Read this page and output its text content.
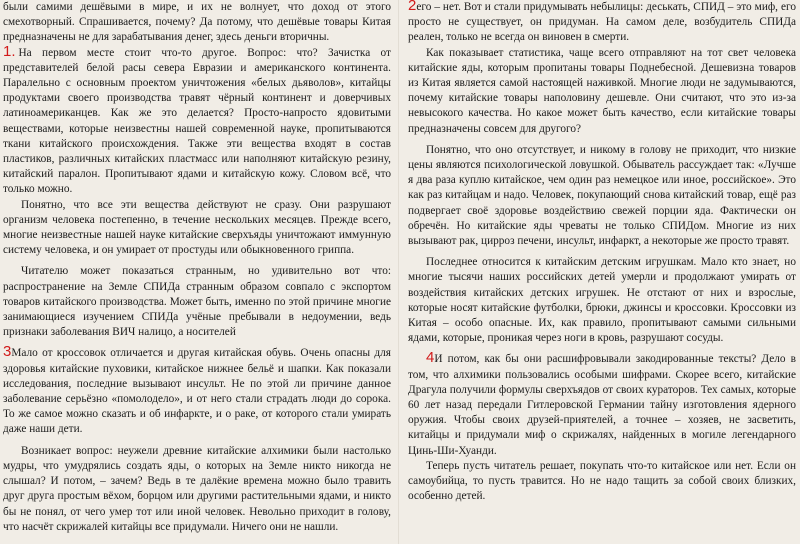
были самими дешёвыми в мире, и их не волнует, что доход от этого смехотворный. Спрашивается, почему? Да потому, что дешёвые товары Китая предназначены не для зарабатывания денег, здесь деньги вторичны.

1. На первом месте стоит что-то другое. Вопрос: что? Зачистка от представителей белой расы севера Евразии и американского континента. Паралельно с основным проектом уничтожения «белых дьяволов», китайцы продуктами своего производства травят чёрный континент и доверчивых латиноамериканцев. Как же это делается? Просто-напросто ядовитыми веществами, которые неизвестны нашей современной науке, пропитываются ткани китайского происхождения. Также эти вещества входят в состав пластиков, различных китайских пластмасс или наполняют китайскую резину, китайский паралон. Пропитывают ядами и китайскую кожу. Словом всё, что только можно.

Понятно, что все эти вещества действуют не сразу. Они разрушают организм человека постепенно, в течение нескольких месяцев. Прежде всего, многие неизвестные нашей науке китайские сверхъяды уничтожают иммунную систему человека, и он умирает от простуды или обыкновенного гриппа.

Читателю может показаться странным, но удивительно вот что: распространение на Земле СПИДа странным образом совпало с экспортом товаров китайского производства. Может быть, именно по этой причине многие занимающиеся изучением СПИДа учёные пребывали в недоумении, ведь признаки заболевания ВИЧ налицо, а носителей

3Мало от кроссовок отличается и другая китайская обувь. Очень опасны для здоровья китайские пуховики, китайское нижнее бельё и шапки. Как показали исследования, последние вызывают инсульт. Не по этой ли причине данное заболевание серьёзно «помолодело», и от него стали страдать люди до сорока. То же самое можно сказать и об инфаркте, и о раке, от которого стали умирать даже наши дети.

Возникает вопрос: неужели древние китайские алхимики были настолько мудры, что умудрялись создать яды, о которых на Земле никто никогда не слышал? И потом, – зачем? Ведь в те далёкие времена можно было травить друг друга простым вёхом, борцом или другими растительными ядами, и никто бы не понял, от чего умер тот или иной человек. Невольно приходит в голову, что насчёт скрижалей китайцы все придумали. Ничего они не нашли.

2его – нет. Вот и стали придумывать небылицы: деськать, СПИД – это миф, его просто не существует, он придуман. На самом деле, возбудитель СПИДа реален, только не всегда он виновен в смерти.

Как показывает статистика, чаще всего отправляют на тот свет человека китайские яды, которым пропитаны товары Поднебесной. Дешевизна товаров из Китая является самой настоящей наживкой. Многие люди не задумываются, почему китайские товары наполовину дешевле. Они считают, что это из-за невысокого качества. Но какое может быть качество, если китайские товары предназначены совсем для другого?

Понятно, что оно отсутствует, и никому в голову не приходит, что низкие цены являются психологической ловушкой. Обыватель рассуждает так: «Лучше я два раза куплю китайское, чем один раз немецкое или иное, российское». Это как раз китайцам и надо. Человек, покупающий снова китайский товар, ещё раз подвергает своё здоровье воздействию свежей порции яда. Фактически он обречён. Но китайские яды чреваты не только СПИДом. Многие из них вызывают рак, цирроз печени, инсульт, инфаркт, а некоторые же просто травят.

Последнее относится к китайским детским игрушкам. Мало кто знает, но многие тысячи наших российских детей умерли и продолжают умирать от воздействия китайских детских игрушек. Не отстают от них и взрослые, которые носят китайские футболки, брюки, джинсы и кроссовки. Кроссовки из Китая – особо опасные. Их, как правило, пропитывают самыми сильными ядами, которые, проникая через ноги в кровь, разрушают сосуды.

4И потом, как бы они расшифровывали закодированные тексты? Дело в том, что алхимики пользовались особыми шифрами. Скорее всего, китайские Драгула получили формулы сверхъядов от своих кураторов. Тех самых, которые 60 лет назад передали Гитлеровской Германии тайну изготовления ядерного оружия. Чтобы своих друзей-приятелей, а точнее – хозяев, не засветить, китайцы и придумали миф о скрижалях, найденных в могиле легендарного Цинь-Ши-Хуанди.

Теперь пусть читатель решает, покупать что-то китайское или нет. Если он самоубийца, то пусть травится. Но не надо тащить за собой своих близких, особенно детей.
